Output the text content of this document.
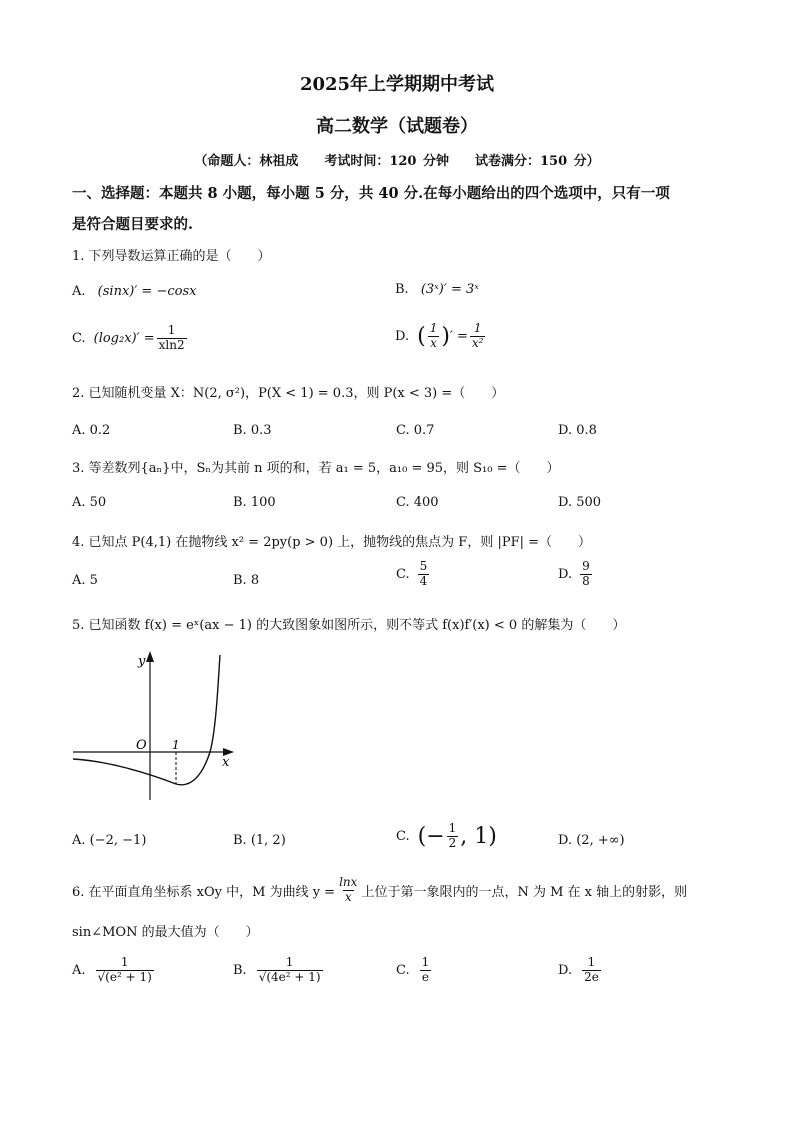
2025年上学期期中考试
高二数学（试题卷）
（命题人：林祖成　　考试时间：120 分钟　　试卷满分：150 分）
一、选择题：本题共 8 小题，每小题 5 分，共 40 分.在每小题给出的四个选项中，只有一项
是符合题目要求的.
1. 下列导数运算正确的是（　　）
A. (sinx)′ = −cosx	B. (3ˣ)′ = 3ˣ
C. $(\log_2x)' = \frac{1}{xln2}$	D. ( $\frac{1}{x}$ ) ′ = $\frac{1}{\text{x²}}$
2. 已知随机变量 X：N(2, σ²)，P(X < 1) = 0.3，则 P(x < 3) =（　　）
A. 0.2	B. 0.3	C. 0.7	D. 0.8
3. 等差数列{aₙ}中，Sₙ为其前 n 项的和，若 a₁ = 5，a₁₀ = 95，则 S₁₀ =（　　）
A. 50	B. 100	C. 400	D. 500
4. 已知点 P(4,1) 在抛物线 x² = 2py(p > 0) 上，抛物线的焦点为 F，则 |PF| =（　　）
A. 5	B. 8	C. $\frac{5}{4}$	D. $\frac{9}{8}$
5. 已知函数 f(x) = eˣ(ax − 1) 的大致图象如图所示，则不等式 f(x)f′(x) < 0 的解集为（　　）
y
x
O 1
A. (−2, −1)	B. (1, 2)	C. (− $\frac{1}{2}$ , 1)	D. (2, +∞)
6. 在平面直角坐标系 xOy 中，M 为曲线 $y = \frac{\ln x}{x}$ 上位于第一象限内的一点，N 为 M 在 x 轴上的射影，则
sin∠MON 的最大值为（　　）
A. $\frac{1}{\text{√(e² + 1)}}$	B. $\frac{1}{\text{√(4e² + 1)}}$	C. $\frac{1}{e}$	D. $\frac{1}{2e}$
